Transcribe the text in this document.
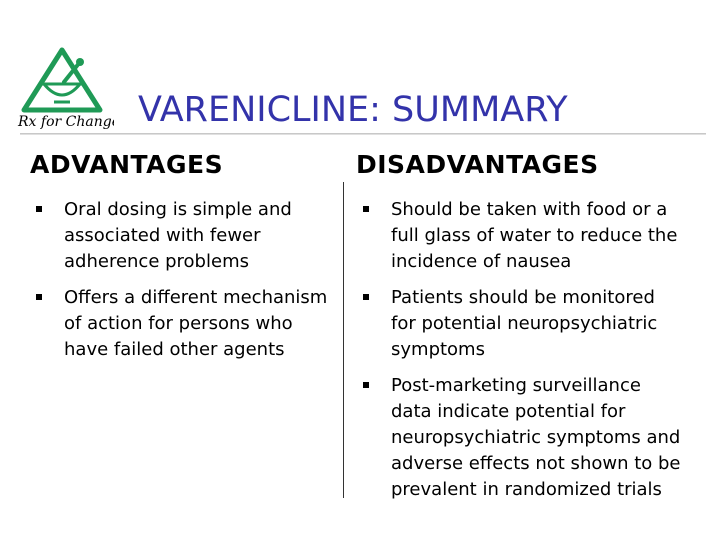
Rx for Change VARENICLINE: SUMMARY
ADVANTAGES	DISADVANTAGES
Oral dosing is simple and associated with fewer adherence problems
Offers a different mechanism of action for persons who have failed other agents
Should be taken with food or a full glass of water to reduce the incidence of nausea
Patients should be monitored for potential neuropsychiatric symptoms
Post-marketing surveillance data indicate potential for neuropsychiatric symptoms and adverse effects not shown to be prevalent in randomized trials
